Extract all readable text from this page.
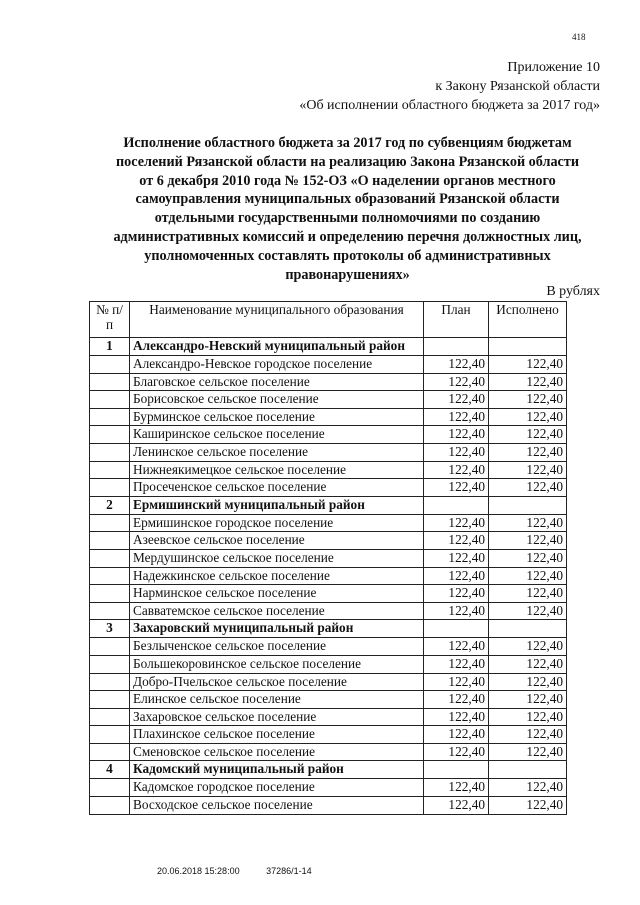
418
Приложение 10
к Закону Рязанской области
«Об исполнении областного бюджета за 2017 год»
Исполнение областного бюджета за 2017 год по субвенциям бюджетам
поселений Рязанской области на реализацию Закона Рязанской области
от 6 декабря 2010 года № 152-ОЗ «О наделении органов местного
самоуправления муниципальных образований Рязанской области
отдельными государственными полномочиями по созданию
административных комиссий и определению перечня должностных лиц,
уполномоченных составлять протоколы об административных
правонарушениях»
В рублях
№ п/п	Наименование муниципального образования	План	Исполнено
1	Александро-Невский муниципальный район		
	Александро-Невское городское поселение	122,40	122,40
	Благовское сельское поселение	122,40	122,40
	Борисовское сельское поселение	122,40	122,40
	Бурминское сельское поселение	122,40	122,40
	Каширинское сельское поселение	122,40	122,40
	Ленинское сельское поселение	122,40	122,40
	Нижнеякимецкое сельское поселение	122,40	122,40
	Просеченское сельское поселение	122,40	122,40
2	Ермишинский муниципальный район		
	Ермишинское городское поселение	122,40	122,40
	Азеевское сельское поселение	122,40	122,40
	Мердушинское сельское поселение	122,40	122,40
	Надежкинское сельское поселение	122,40	122,40
	Нарминское сельское поселение	122,40	122,40
	Савватемское сельское поселение	122,40	122,40
3	Захаровский муниципальный район		
	Безлыченское сельское поселение	122,40	122,40
	Большекоровинское сельское поселение	122,40	122,40
	Добро-Пчельское сельское поселение	122,40	122,40
	Елинское сельское поселение	122,40	122,40
	Захаровское сельское поселение	122,40	122,40
	Плахинское сельское поселение	122,40	122,40
	Сменовское сельское поселение	122,40	122,40
4	Кадомский муниципальный район		
	Кадомское городское поселение	122,40	122,40
	Восходское сельское поселение	122,40	122,40
20.06.2018 15:28:00	37286/1-14
